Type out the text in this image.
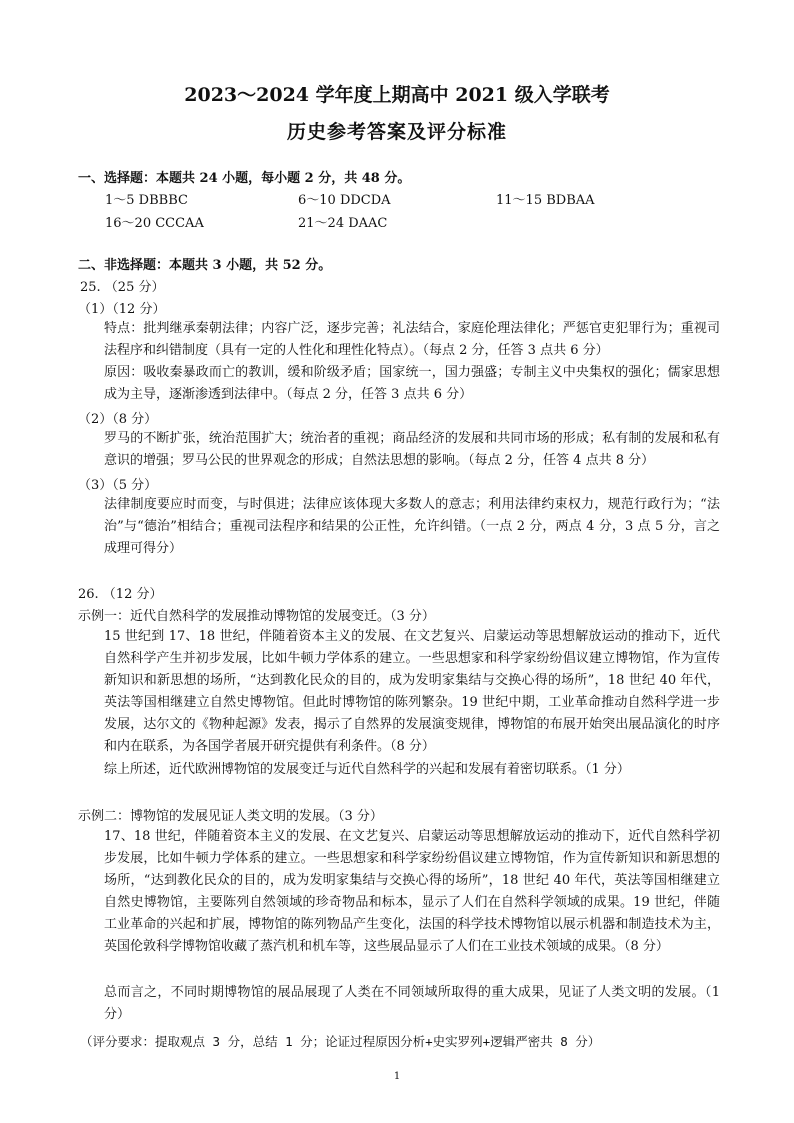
2023～2024 学年度上期高中 2021 级入学联考
历史参考答案及评分标准
一、选择题：本题共 24 小题，每小题 2 分，共 48 分。
1～5 DBBBC	6～10 DDCDA	11～15 BDBAA
16～20 CCCAA	21～24 DAAC
二、非选择题：本题共 3 小题，共 52 分。
25. （25 分）
（1）（12 分）
特点：批判继承秦朝法律；内容广泛，逐步完善；礼法结合，家庭伦理法律化；严惩官吏犯罪行为；重视司法程序和纠错制度（具有一定的人性化和理性化特点）。（每点 2 分，任答 3 点共 6 分）
原因：吸收秦暴政而亡的教训，缓和阶级矛盾；国家统一，国力强盛；专制主义中央集权的强化；儒家思想成为主导，逐渐渗透到法律中。（每点 2 分，任答 3 点共 6 分）
（2）（8 分）
罗马的不断扩张，统治范围扩大；统治者的重视；商品经济的发展和共同市场的形成；私有制的发展和私有意识的增强；罗马公民的世界观念的形成；自然法思想的影响。（每点 2 分，任答 4 点共 8 分）
（3）（5 分）
法律制度要应时而变，与时俱进；法律应该体现大多数人的意志；利用法律约束权力，规范行政行为；“法治”与“德治”相结合；重视司法程序和结果的公正性，允许纠错。（一点 2 分，两点 4 分，3 点 5 分，言之成理可得分）
26. （12 分）
示例一：近代自然科学的发展推动博物馆的发展变迁。（3 分）
15 世纪到 17、18 世纪，伴随着资本主义的发展、在文艺复兴、启蒙运动等思想解放运动的推动下，近代自然科学产生并初步发展，比如牛顿力学体系的建立。一些思想家和科学家纷纷倡议建立博物馆，作为宣传新知识和新思想的场所，“达到教化民众的目的，成为发明家集结与交换心得的场所”，18 世纪 40 年代，英法等国相继建立自然史博物馆。但此时博物馆的陈列繁杂。19 世纪中期，工业革命推动自然科学进一步发展，达尔文的《物种起源》发表，揭示了自然界的发展演变规律，博物馆的布展开始突出展品演化的时序和内在联系，为各国学者展开研究提供有利条件。（8 分）
综上所述，近代欧洲博物馆的发展变迁与近代自然科学的兴起和发展有着密切联系。（1 分）
示例二：博物馆的发展见证人类文明的发展。（3 分）
17、18 世纪，伴随着资本主义的发展、在文艺复兴、启蒙运动等思想解放运动的推动下，近代自然科学初步发展，比如牛顿力学体系的建立。一些思想家和科学家纷纷倡议建立博物馆，作为宣传新知识和新思想的场所，“达到教化民众的目的，成为发明家集结与交换心得的场所”，18 世纪 40 年代，英法等国相继建立自然史博物馆，主要陈列自然领域的珍奇物品和标本，显示了人们在自然科学领域的成果。19 世纪，伴随工业革命的兴起和扩展，博物馆的陈列物品产生变化，法国的科学技术博物馆以展示机器和制造技术为主，英国伦敦科学博物馆收藏了蒸汽机和机车等，这些展品显示了人们在工业技术领域的成果。（8 分）
总而言之，不同时期博物馆的展品展现了人类在不同领域所取得的重大成果，见证了人类文明的发展。（1 分）
（评分要求：提取观点 3 分，总结 1 分；论证过程原因分析+史实罗列+逻辑严密共 8 分）
1
